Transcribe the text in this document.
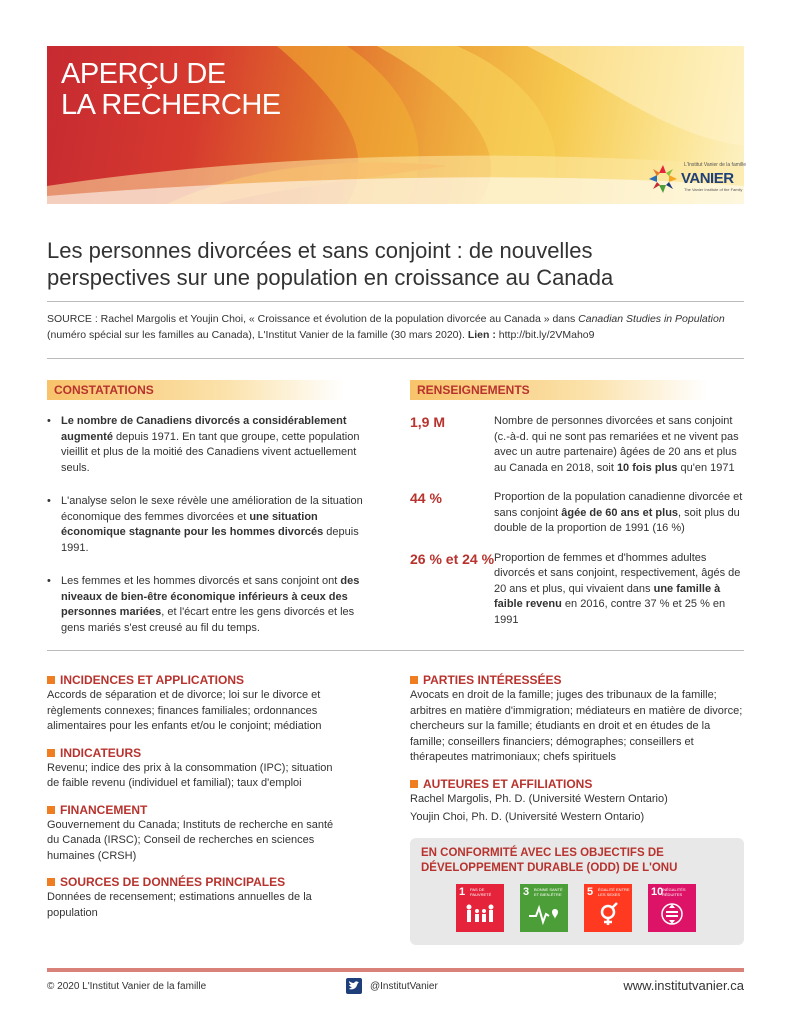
APERÇU DE
LA RECHERCHE
L'Institut Vanier de la famille
VANIER
The Vanier Institute of the Family
Les personnes divorcées et sans conjoint : de nouvelles
perspectives sur une population en croissance au Canada
SOURCE : Rachel Margolis et Youjin Choi, « Croissance et évolution de la population divorcée au Canada » dans Canadian Studies in Population (numéro spécial sur les familles au Canada), L'Institut Vanier de la famille (30 mars 2020). Lien : http://bit.ly/2VMaho9
CONSTATATIONS	RENSEIGNEMENTS
• Le nombre de Canadiens divorcés a considérablement augmenté depuis 1971. En tant que groupe, cette population vieillit et plus de la moitié des Canadiens vivent actuellement seuls.
• L'analyse selon le sexe révèle une amélioration de la situation économique des femmes divorcées et une situation économique stagnante pour les hommes divorcés depuis 1991.
• Les femmes et les hommes divorcés et sans conjoint ont des niveaux de bien-être économique inférieurs à ceux des personnes mariées, et l'écart entre les gens divorcés et les gens mariés s'est creusé au fil du temps.
1,9 M	Nombre de personnes divorcées et sans conjoint (c.-à-d. qui ne sont pas remariées et ne vivent pas avec un autre partenaire) âgées de 20 ans et plus au Canada en 2018, soit 10 fois plus qu'en 1971
44 %	Proportion de la population canadienne divorcée et sans conjoint âgée de 60 ans et plus, soit plus du double de la proportion de 1991 (16 %)
26 % et 24 % Proportion de femmes et d'hommes adultes divorcés et sans conjoint, respectivement, âgés de 20 ans et plus, qui vivaient dans une famille à faible revenu en 2016, contre 37 % et 25 % en 1991
INCIDENCES ET APPLICATIONS
Accords de séparation et de divorce; loi sur le divorce et règlements connexes; finances familiales; ordonnances alimentaires pour les enfants et/ou le conjoint; médiation
INDICATEURS
Revenu; indice des prix à la consommation (IPC); situation de faible revenu (individuel et familial); taux d'emploi
FINANCEMENT
Gouvernement du Canada; Instituts de recherche en santé du Canada (IRSC); Conseil de recherches en sciences humaines (CRSH)
SOURCES DE DONNÉES PRINCIPALES
Données de recensement; estimations annuelles de la population
PARTIES INTÉRESSÉES
Avocats en droit de la famille; juges des tribunaux de la famille; arbitres en matière d'immigration; médiateurs en matière de divorce; chercheurs sur la famille; étudiants en droit et en études de la famille; conseillers financiers; démographes; conseillers et thérapeutes matrimoniaux; chefs spirituels
AUTEURES ET AFFILIATIONS
Rachel Margolis, Ph. D. (Université Western Ontario)
Youjin Choi, Ph. D. (Université Western Ontario)
EN CONFORMITÉ AVEC LES OBJECTIFS DE
DÉVELOPPEMENT DURABLE (ODD) DE L'ONU
1 PAS DE PAUVRETÉ	3 BONNE SANTÉ ET BIEN-ÊTRE	5 ÉGALITÉ ENTRE LES SEXES	10
INÉGALITÉS RÉDUITES
© 2020 L'Institut Vanier de la famille	@InstitutVanier	www.institutvanier.ca
